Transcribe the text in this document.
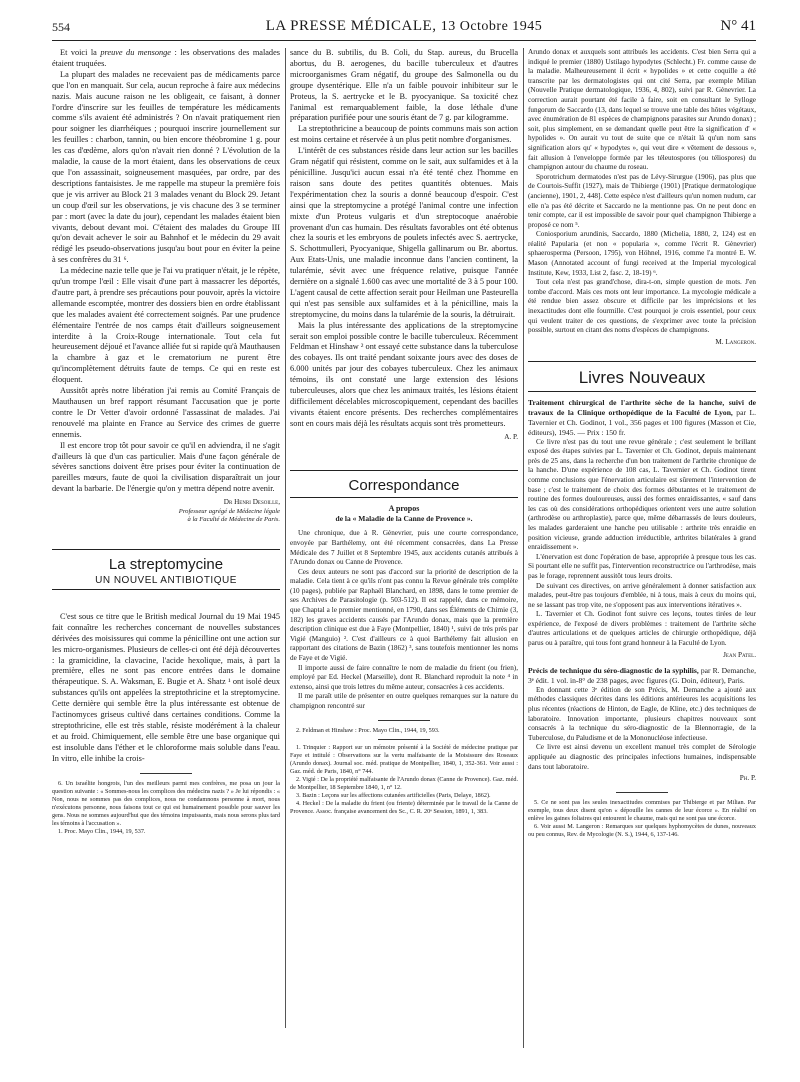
554	LA PRESSE MÉDICALE, 13 Octobre 1945	N° 41

Et voici la preuve du mensonge : les observations des malades étaient truquées.

La plupart des malades ne recevaient pas de médicaments parce que l'on en manquait. Sur cela, aucun reproche à faire aux médecins nazis. Mais aucune raison ne les obligeait, ce faisant, à donner l'ordre d'inscrire sur les feuilles de température les médicaments comme s'ils avaient été administrés ? On n'avait pratiquement rien pour soigner les diarrhéiques ; pourquoi inscrire journellement sur les feuilles : charbon, tannin, ou bien encore théobromine 1 g. pour les cas d'œdème, alors qu'on n'avait rien donné ? L'évolution de la maladie, la cause de la mort étaient, dans les observations de ceux que l'on assassinait, soigneusement masquées, par ordre, par des descriptions fantaisistes. Je me rappelle ma stupeur la première fois que je vis arriver au Block 21 3 malades venant du Block 29. Jetant un coup d'œil sur les observations, je vis chacune des 3 se terminer par : mort (avec la date du jour), cependant les malades étaient bien vivants, debout devant moi. C'étaient des malades du Groupe III qu'on devait achever le soir au Bahnhof et le médecin du 29 avait rédigé les pseudo-observations jusqu'au bout pour en éviter la peine à ses confrères du 31 ⁶.

La médecine nazie telle que je l'ai vu pratiquer n'était, je le répète, qu'un trompe l'œil : Elle visait d'une part à massacrer les déportés, d'autre part, à prendre ses précautions pour pouvoir, après la victoire allemande escomptée, montrer des dossiers bien en ordre établissant que les malades avaient été correctement soignés. Par une prudence élémentaire l'entrée de nos camps était d'ailleurs soigneusement interdite à la Croix-Rouge internationale. Tout cela fut heureusement déjoué et l'avance alliée fut si rapide qu'à Mauthausen la chambre à gaz et le crematorium ne purent être qu'incomplètement détruits faute de temps. Ce qui en reste est éloquent.

Aussitôt après notre libération j'ai remis au Comité Français de Mauthausen un bref rapport résumant l'accusation que je porte contre le Dr Vetter d'avoir ordonné l'assassinat de malades. J'ai renouvelé ma plainte en France au Service des crimes de guerre ennemis.

Il est encore trop tôt pour savoir ce qu'il en adviendra, il ne s'agit d'ailleurs là que d'un cas particulier. Mais d'une façon générale de sévères sanctions doivent être prises pour éviter la continuation de pareilles mœurs, faute de quoi la civilisation disparaîtrait un jour devant la barbarie. De l'énergie qu'on y mettra dépend notre avenir.

Dr Henri Desoille,
Professeur agrégé de Médecine légale
à la Faculté de Médecine de Paris.
La streptomycine
UN NOUVEL ANTIBIOTIQUE

C'est sous ce titre que le British medical Journal du 19 Mai 1945 fait connaître les recherches concernant de nouvelles substances dérivées des moisissures qui comme la pénicilline ont une action sur les micro-organismes. Plusieurs de celles-ci ont été déjà découvertes : la gramicidine, la clavacine, l'acide hexolique, mais, à part la première, elles ne sont pas encore entrées dans le domaine thérapeutique. S. A. Waksman, E. Bugie et A. Shatz ¹ ont isolé deux substances qu'ils ont appelées la streptothricine et la streptomycine. Cette dernière qui semble être la plus intéressante est obtenue de l'actinomyces griseus cultivé dans certaines conditions. Comme la streptothricine, elle est très stable, résiste modérément à la chaleur et au froid. Chimiquement, elle semble être une base organique qui est insoluble dans l'éther et le chloroforme mais soluble dans l'eau. In vitro, elle inhibe la crois-

6. Un israélite hongrois, l'un des meilleurs parmi mes confrères, me posa un jour la question suivante : « Sommes-nous les complices des médecins nazis ? » Je lui répondis : « Non, nous ne sommes pas des complices, nous ne condamnons personne à mort, nous n'exécutons personne, nous faisons tout ce qui est humainement possible pour sauver les gens. Nous ne sommes aujourd'hui que des témoins impuissants, mais nous serons plus tard les témoins à l'accusation ».

1. Proc. Mayo Clin., 1944, 19, 537.

sance du B. subtilis, du B. Coli, du Stap. aureus, du Brucella abortus, du B. aerogenes, du bacille tuberculeux et d'autres microorganismes Gram négatif, du groupe des Salmonella ou du groupe dysentérique. Elle n'a un faible pouvoir inhibiteur sur le Proteus, la S. aertrycke et le B. pyocyanique. Sa toxicité chez l'animal est remarquablement faible, la dose léthale d'une préparation purifiée pour une souris étant de 7 g. par kilogramme.

La streptothricine a beaucoup de points communs mais son action est moins certaine et réservée à un plus petit nombre d'organismes.

L'intérêt de ces substances réside dans leur action sur les bacilles Gram négatif qui résistent, comme on le sait, aux sulfamides et à la pénicilline. Jusqu'ici aucun essai n'a été tenté chez l'homme en raison sans doute des petites quantités obtenues. Mais l'expérimentation chez la souris a donné beaucoup d'espoir. C'est ainsi que la streptomycine a protégé l'animal contre une infection mixte d'un Proteus vulgaris et d'un streptocoque anaérobie provenant d'un cas humain. Des résultats favorables ont été obtenus chez la souris et les embryons de poulets infectés avec S. aertrycke, S. Schottmulleri, Pyocyanique, Shigella gallinarum ou Br. abortus. Aux Etats-Unis, une maladie inconnue dans l'ancien continent, la tularémie, sévit avec une fréquence relative, puisque l'année dernière on a signalé 1.600 cas avec une mortalité de 3 à 5 pour 100. L'agent causal de cette affection serait pour Heilman une Pasteurella qui n'est pas sensible aux sulfamides et à la pénicilline, mais la streptomycine, du moins dans la tularémie de la souris, la détruirait.

Mais la plus intéressante des applications de la streptomycine serait son emploi possible contre le bacille tuberculeux. Récemment Feldman et Hinshaw ² ont essayé cette substance dans la tuberculose des cobayes. Ils ont traité pendant soixante jours avec des doses de 6.000 unités par jour des cobayes tuberculeux. Chez les animaux témoins, ils ont constaté une large extension des lésions tuberculeuses, alors que chez les animaux traités, les lésions étaient difficilement décelables microscopiquement, cependant des bacilles vivants étaient encore présents. Des recherches complémentaires sont en cours mais déjà les résultats acquis sont très prometteurs.

A. P.
Correspondance
A propos
de la « Maladie de la Canne de Provence ».

Une chronique, due à R. Gènevrier, puis une courte correspondance, envoyée par Barthélemy, ont été récemment consacrées, dans La Presse Médicale des 7 Juillet et 8 Septembre 1945, aux accidents cutanés attribués à l'Arundo donax ou Canne de Provence.

Ces deux auteurs ne sont pas d'accord sur la priorité de description de la maladie. Cela tient à ce qu'ils n'ont pas connu la Revue générale très complète (10 pages), publiée par Raphaël Blanchard, en 1898, dans le tome premier de ses Archives de Parasitologie (p. 503-512). Il est rappelé, dans ce mémoire, que Chaptal a le premier mentionné, en 1790, dans ses Éléments de Chimie (3, 182) les graves accidents causés par l'Arundo donax, mais que la première description clinique est due à Faye (Montpellier, 1840) ¹, suivi de très près par Vigié (Manguio) ². C'est d'ailleurs ce à quoi Barthélemy fait allusion en rapportant des citations de Bazin (1862) ³, sans toutefois mentionner les noms de Faye et de Vigié.

Il importe aussi de faire connaître le nom de maladie du frient (ou frien), employé par Ed. Heckel (Marseille), dont R. Blanchard reproduit la note ⁴ in extenso, ainsi que trois lettres du même auteur, consacrées à ces accidents.

Il me paraît utile de présenter en outre quelques remarques sur la nature du champignon rencontré sur

2. Feldman et Hinshaw : Proc. Mayo Clin., 1944, 19, 593.

1. Trinquier : Rapport sur un mémoire présenté à la Société de médecine pratique par Faye et intitulé : Observations sur la vertu malfaisante de la Moisissure des Roseaux (Arundo donax). Journal soc. méd. pratique de Montpellier, 1840, 1, 352-361. Voir aussi : Gaz. méd. de Paris, 1840, n° 744.

2. Vigié : De la propriété malfaisante de l'Arundo donax (Canne de Provence). Gaz. méd. de Montpellier, 18 Septembre 1840, 1, n° 12.

3. Bazin : Leçons sur les affections cutanées artificielles (Paris, Delaye, 1862).

4. Heckel : De la maladie du frient (ou friente) déterminée par le travail de la Canne de Provence. Assoc. française avancement des Sc., C. R. 20ᵉ Session, 1891, 1, 383.

Arundo donax et auxquels sont attribués les accidents. C'est bien Serra qui a indiqué le premier (1880) Ustilago hypodytes (Schlecht.) Fr. comme cause de la maladie. Malheureusement il écrit « hypolides » et cette coquille a été transcrite par les dermatologistes qui ont cité Serra, par exemple Milian (Nouvelle Pratique dermatologique, 1936, 4, 802), suivi par R. Gènevrier. La correction aurait pourtant été facile à faire, soit en consultant le Sylloge fungorum de Saccardo (13, dans lequel se trouve une table des hôtes végétaux, avec énumération de 81 espèces de champignons parasites sur Arundo donax) ; soit, plus simplement, en se demandant quelle peut être la signification d' « hypolides ». On aurait vu tout de suite que ce n'était là qu'un nom sans signification alors qu' « hypodytes », qui veut dire « vêtement de dessous », fait allusion à l'enveloppe formée par les téleutospores (ou téliospores) du champignon autour du chaume du roseau.

Sporotrichum dermatodes n'est pas de Lévy-Sirurgue (1906), pas plus que de Courtois-Suffit (1927), mais de Thibierge (1901) [Pratique dermatologique (ancienne), 1901, 2, 448]. Cette espèce n'est d'ailleurs qu'un nomen nudum, car elle n'a pas été décrite et Saccardo ne la mentionne pas. On ne peut donc en tenir compte, car il est impossible de savoir pour quel champignon Thibierge a proposé ce nom ⁵.

Coniosporium arundinis, Saccardo, 1880 (Michelia, 1880, 2, 124) est en réalité Papularia (et non « popularia », comme l'écrit R. Gènevrier) sphaerosperma (Persoon, 1795), von Höhnel, 1916, comme l'a montré E. W. Mason (Annotated account of fungi received at the Imperial mycological Institute, Kew, 1933, List 2, fasc. 2, 18-19) ⁶.

Tout cela n'est pas grand'chose, dira-t-on, simple question de mots. J'en tombe d'accord. Mais ces mots ont leur importance. La mycologie médicale a été rendue bien assez obscure et difficile par les imprécisions et les inexactitudes dont elle fourmille. C'est pourquoi je crois essentiel, pour ceux qui veulent traiter de ces questions, de s'exprimer avec toute la précision possible, surtout en citant des noms d'espèces de champignons.

M. Langeron.
Livres Nouveaux
Traitement chirurgical de l'arthrite sèche de la hanche, suivi de travaux de la Clinique orthopédique de la Faculté de Lyon, par L. Tavernier et Ch. Godinot, 1 vol., 356 pages et 100 figures (Masson et Cie, éditeurs), 1945. — Prix : 150 fr.

Ce livre n'est pas du tout une revue générale ; c'est seulement le brillant exposé des étapes suivies par L. Tavernier et Ch. Godinot, depuis maintenant près de 25 ans, dans la recherche d'un bon traitement de l'arthrite chronique de la hanche. D'une expérience de 108 cas, L. Tavernier et Ch. Godinot tirent comme conclusions que l'énervation articulaire est sûrement l'intervention de base ; c'est le traitement de choix des formes débutantes et le traitement de routine des formes douloureuses, aussi des formes enraidissantes, « sauf dans les cas où des considérations orthopédiques orientent vers une autre solution (arthrodèse ou arthroplastie), parce que, même débarrassés de leurs douleurs, les malades garderaient une hanche peu utilisable : arthrite très enraidie en position vicieuse, grande adduction irréductible, arthrites bilatérales à grand enraidissement ».

L'énervation est donc l'opération de base, appropriée à presque tous les cas. Si pourtant elle ne suffit pas, l'intervention reconstructrice ou l'arthrodèse, mais pas le forage, reprennent aussitôt tous leurs droits.

De suivant ces directives, on arrive généralement à donner satisfaction aux malades, peut-être pas toujours d'emblée, ni à tous, mais à ceux du moins qui, ne se lassant pas trop vite, ne s'opposent pas aux interventions itératives ».

L. Tavernier et Ch. Godinot font suivre ces leçons, toutes tirées de leur expérience, de l'exposé de divers problèmes : traitement de l'arthrite sèche d'autres articulations et de quelques articles de chirurgie orthopédique, déjà parus ou à paraître, qui tous font grand honneur à la Faculté de Lyon.

Jean Patel.
Précis de technique du séro-diagnostic de la syphilis, par R. Demanche, 3ᵉ édit. 1 vol. in-8° de 238 pages, avec figures (G. Doin, éditeur), Paris.

En donnant cette 3ᵉ édition de son Précis, M. Demanche a ajouté aux méthodes classiques décrites dans les éditions antérieures les acquisitions les plus récentes (réactions de Hinton, de Eagle, de Kline, etc.) des techniques de laboratoire. Innovation importante, plusieurs chapitres nouveaux sont consacrés à la technique du séro-diagnostic de la Blennorragie, de la Tuberculose, du Paludisme et de la Mononucléose infectieuse.

Ce livre est ainsi devenu un excellent manuel très complet de Sérologie appliquée au diagnostic des principales infections humaines, indispensable dans tout laboratoire.

Ph. P.

5. Ce ne sont pas les seules inexactitudes commises par Thibierge et par Milian. Par exemple, tous deux disent qu'on « dépouille les cannes de leur écorce ». En réalité on enlève les gaines foliaires qui entourent le chaume, mais qui ne sont pas une écorce.

6. Voir aussi M. Langeron : Remarques sur quelques hyphomycètes de dunes, nouveaux ou peu connus, Rev. de Mycologie (N. S.), 1944, 6, 137-146.
